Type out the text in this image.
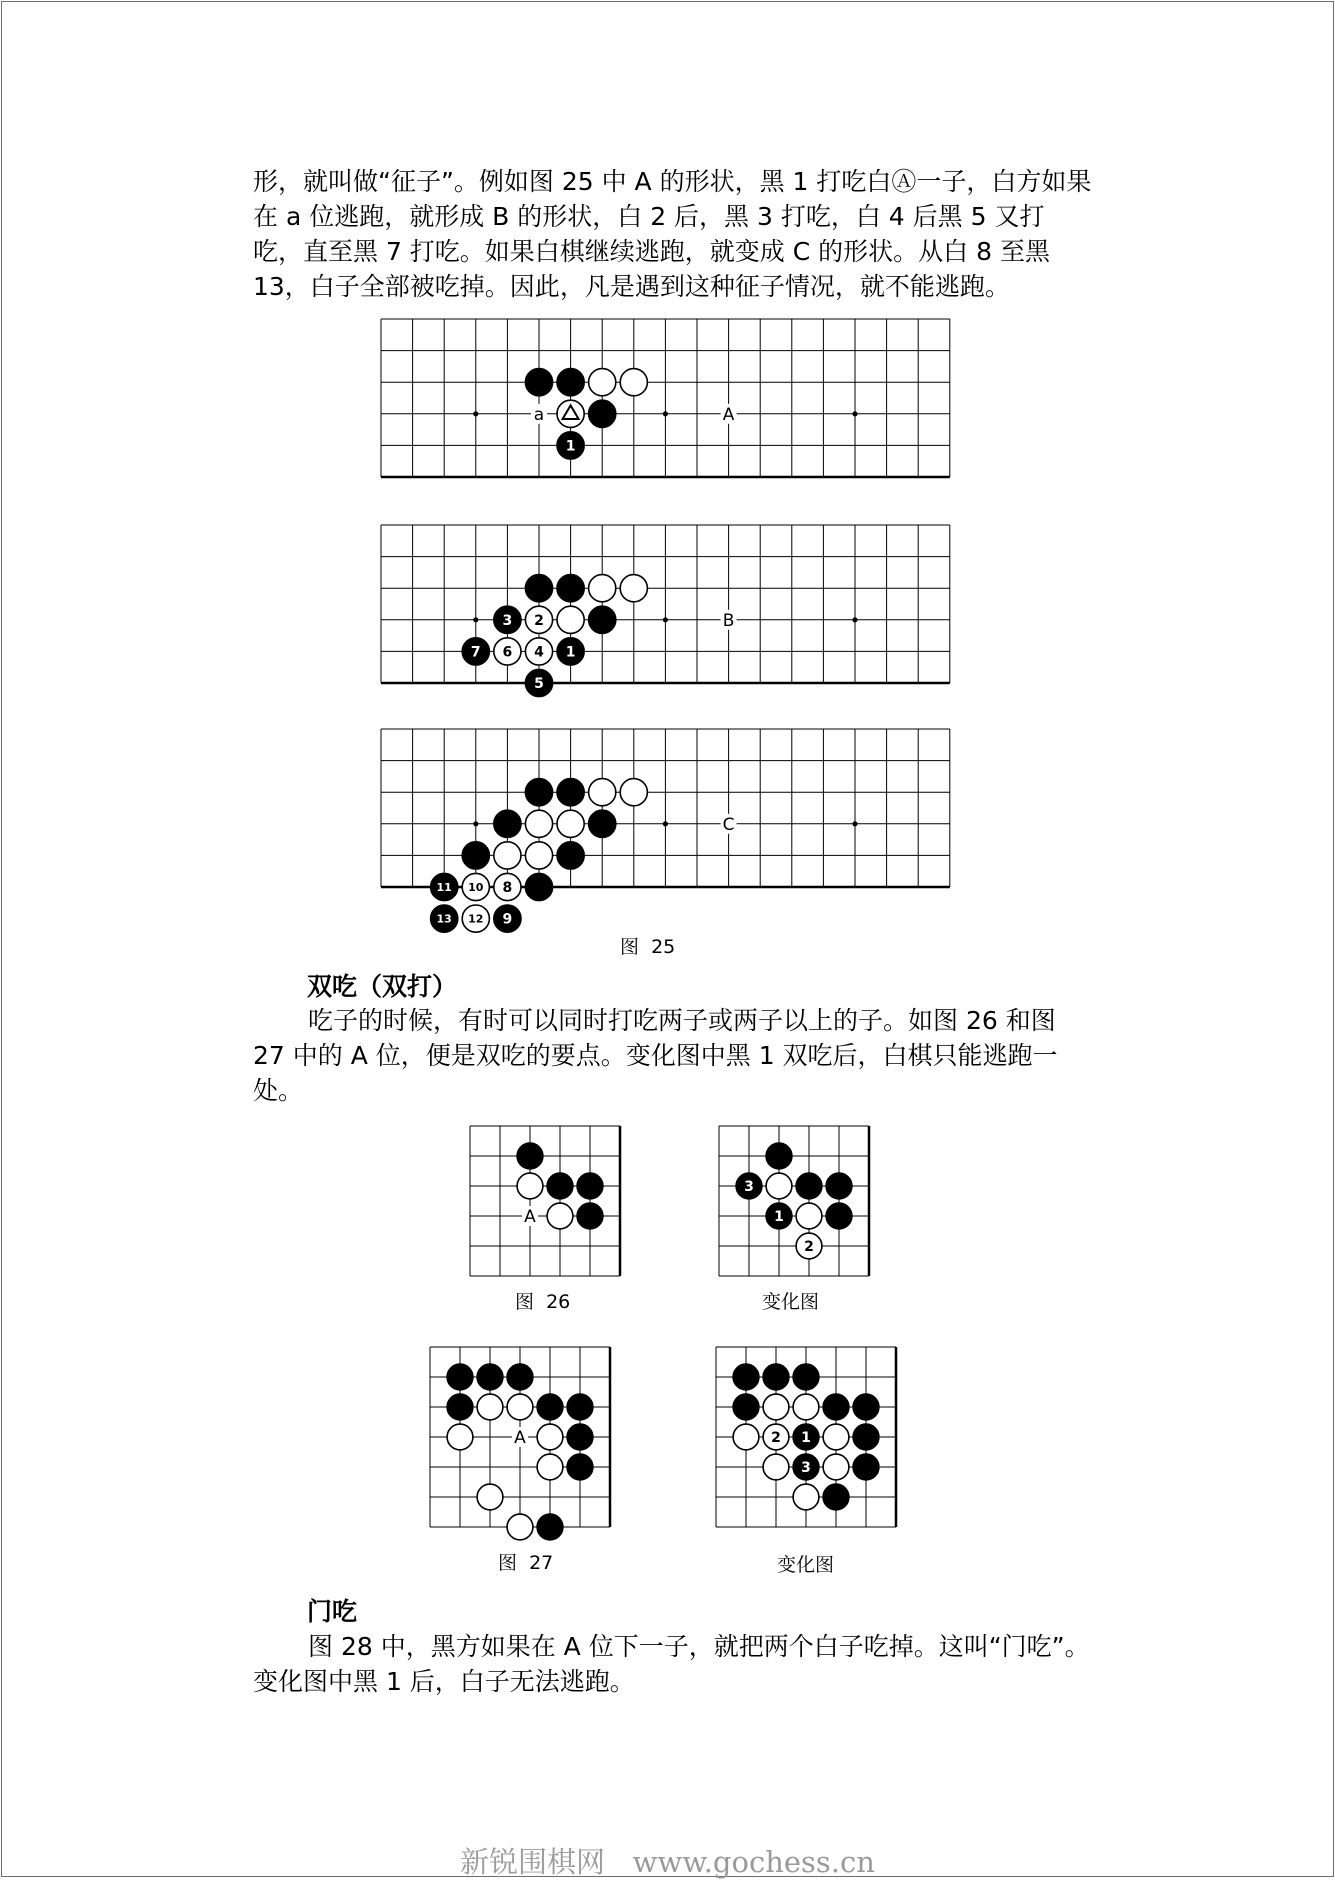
形，就叫做“征子”。例如图 25 中 A 的形状，黑 1 打吃白Ⓐ一子，白方如果在 a 位逃跑，就形成 B 的形状，白 2 后，黑 3 打吃，白 4 后黑 5 又打吃，直至黑 7 打吃。如果白棋继续逃跑，就变成 C 的形状。从白 8 至黑 13，白子全部被吃掉。因此，凡是遇到这种征子情况，就不能逃跑。

a	A
1
B
3 2
7 6 4 1
5
C
11 10 8
13 12 9

图  25

双吃（双打）

吃子的时候，有时可以同时打吃两子或两子以上的子。如图 26 和图 27 中的 A 位，便是双吃的要点。变化图中黑 1 双吃后，白棋只能逃跑一处。

A
3
1
2

图  26	变化图

A	2 1
3

图  27	变化图

门吃

图 28 中，黑方如果在 A 位下一子，就把两个白子吃掉。这叫“门吃”。变化图中黑 1 后，白子无法逃跑。

新锐围棋网   www.gochess.cn
